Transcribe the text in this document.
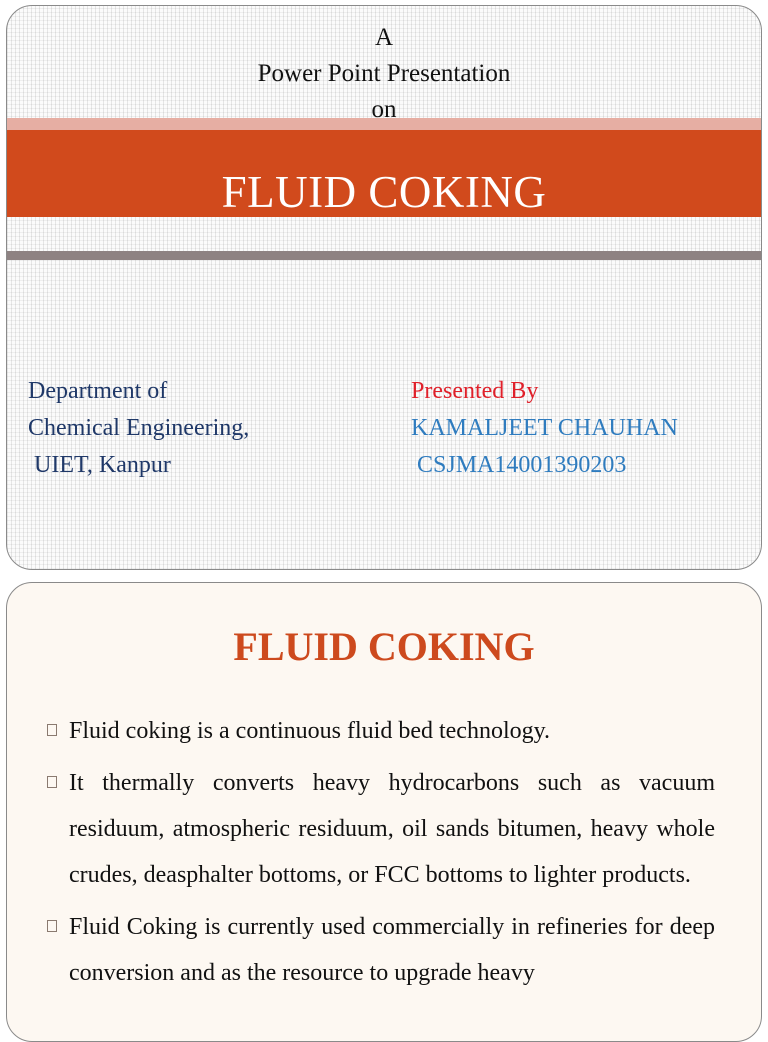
A
Power Point Presentation
on
FLUID COKING
Department of
Chemical Engineering,
UIET, Kanpur
Presented By
KAMALJEET CHAUHAN
CSJMA14001390203
FLUID COKING
Fluid coking is a continuous fluid bed technology.
It thermally converts heavy hydrocarbons such as vacuum residuum, atmospheric residuum, oil sands bitumen, heavy whole crudes, deasphalter bottoms, or FCC bottoms to lighter products.
Fluid Coking is currently used commercially in refineries for deep conversion and as the resource to upgrade heavy
